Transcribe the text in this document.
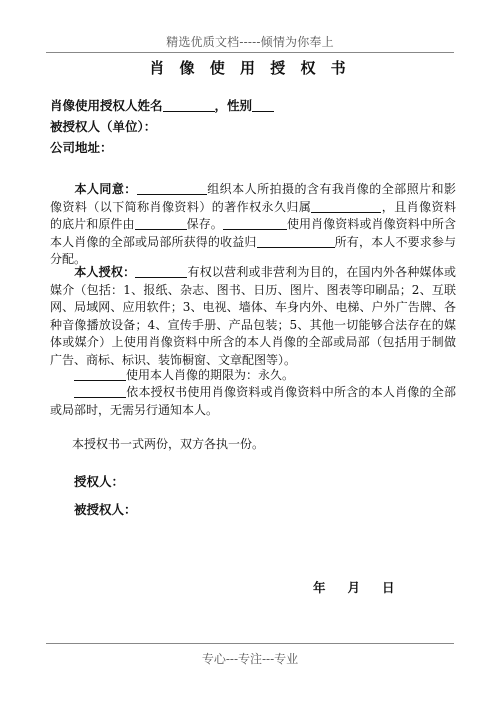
精选优质文档-----倾情为你奉上
肖 像 使 用 授 权 书
肖像使用授权人姓名	，性别
被授权人（单位）：
公司地址：
本人同意：	组织本人所拍摄的含有我肖像的全部照片和影像资料（以下简称肖像资料）的著作权永久归属	，且肖像资料的底片和原件由	保存。	使用肖像资料或肖像资料中所含本人肖像的全部或局部所获得的收益归	所有，本人不要求参与分配。
本人授权：	有权以营利或非营利为目的，在国内外各种媒体或媒介（包括：1、报纸、杂志、图书、日历、图片、图表等印刷品；2、互联网、局域网、应用软件；3、电视、墙体、车身内外、电梯、户外广告牌、各种音像播放设备；4、宣传手册、产品包装；5、其他一切能够合法存在的媒体或媒介）上使用肖像资料中所含的本人肖像的全部或局部（包括用于制做广告、商标、标识、装饰橱窗、文章配图等）。
使用本人肖像的期限为：永久。
依本授权书使用肖像资料或肖像资料中所含的本人肖像的全部或局部时，无需另行通知本人。
本授权书一式两份，双方各执一份。
授权人：
被授权人：
年 月 日
专心---专注---专业
